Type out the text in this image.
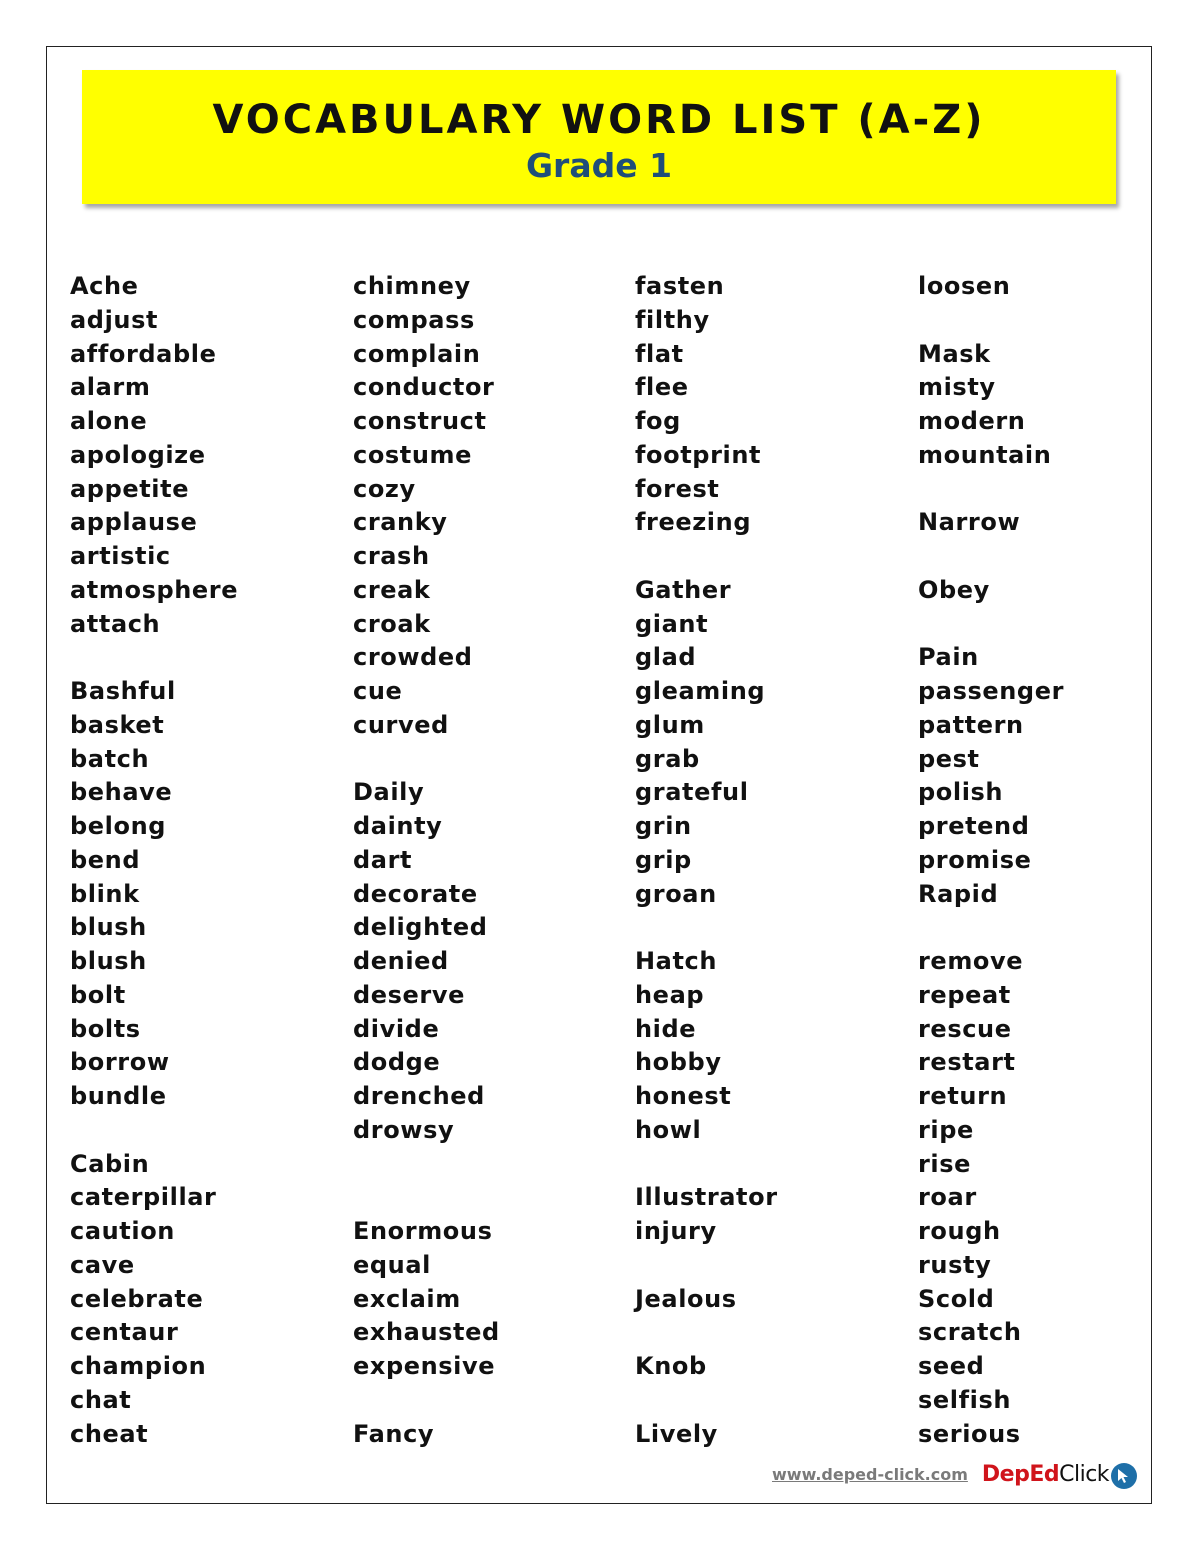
VOCABULARY WORD LIST (A-Z)
Grade 1
Ache
adjust
affordable
alarm
alone
apologize
appetite
applause
artistic
atmosphere
attach
Bashful
basket
batch
behave
belong
bend
blink
blush
blush
bolt
bolts
borrow
bundle
Cabin
caterpillar
caution
cave
celebrate
centaur
champion
chat
cheat
chimney
compass
complain
conductor
construct
costume
cozy
cranky
crash
creak
croak
crowded
cue
curved
Daily
dainty
dart
decorate
delighted
denied
deserve
divide
dodge
drenched
drowsy
Enormous
equal
exclaim
exhausted
expensive
Fancy
fasten
filthy
flat
flee
fog
footprint
forest
freezing
Gather
giant
glad
gleaming
glum
grab
grateful
grin
grip
groan
Hatch
heap
hide
hobby
honest
howl
Illustrator
injury
Jealous
Knob
Lively
loosen
Mask
misty
modern
mountain
Narrow
Obey
Pain
passenger
pattern
pest
polish
pretend
promise
Rapid
remove
repeat
rescue
restart
return
ripe
rise
roar
rough
rusty
Scold
scratch
seed
selfish
serious
www.deped-click.com DepEdClick
